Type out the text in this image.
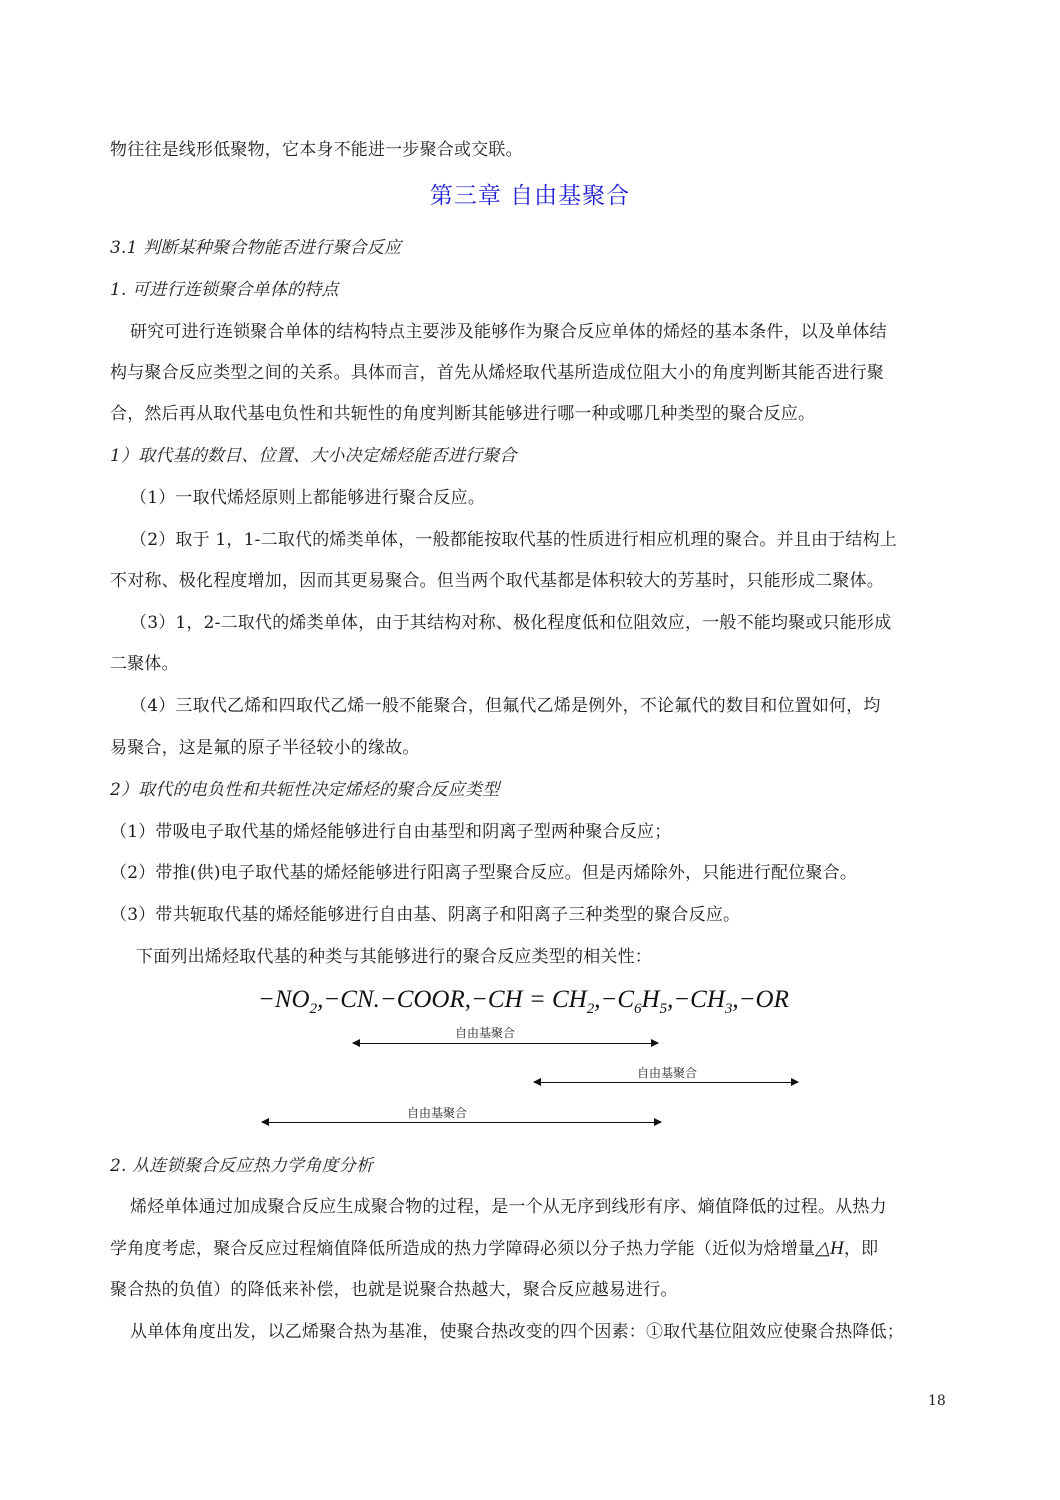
物往往是线形低聚物，它本身不能进一步聚合或交联。
第三章 自由基聚合
3.1 判断某种聚合物能否进行聚合反应
1. 可进行连锁聚合单体的特点
研究可进行连锁聚合单体的结构特点主要涉及能够作为聚合反应单体的烯烃的基本条件，以及单体结
构与聚合反应类型之间的关系。具体而言，首先从烯烃取代基所造成位阻大小的角度判断其能否进行聚
合，然后再从取代基电负性和共轭性的角度判断其能够进行哪一种或哪几种类型的聚合反应。
1）取代基的数目、位置、大小决定烯烃能否进行聚合
（1）一取代烯烃原则上都能够进行聚合反应。
（2）取于 1，1-二取代的烯类单体，一般都能按取代基的性质进行相应机理的聚合。并且由于结构上
不对称、极化程度增加，因而其更易聚合。但当两个取代基都是体积较大的芳基时，只能形成二聚体。
（3）1，2-二取代的烯类单体，由于其结构对称、极化程度低和位阻效应，一般不能均聚或只能形成
二聚体。
（4）三取代乙烯和四取代乙烯一般不能聚合，但氟代乙烯是例外，不论氟代的数目和位置如何，均
易聚合，这是氟的原子半径较小的缘故。
2）取代的电负性和共轭性决定烯烃的聚合反应类型
（1）带吸电子取代基的烯烃能够进行自由基型和阴离子型两种聚合反应；
（2）带推(供)电子取代基的烯烃能够进行阳离子型聚合反应。但是丙烯除外，只能进行配位聚合。
（3）带共轭取代基的烯烃能够进行自由基、阴离子和阳离子三种类型的聚合反应。
下面列出烯烃取代基的种类与其能够进行的聚合反应类型的相关性：
$-NO_2,-CN.-COOR,-CH = CH_2,-C_6H_5,-CH_3,-OR$
自由基聚合
自由基聚合
自由基聚合
2. 从连锁聚合反应热力学角度分析
烯烃单体通过加成聚合反应生成聚合物的过程，是一个从无序到线形有序、熵值降低的过程。从热力
学角度考虑，聚合反应过程熵值降低所造成的热力学障碍必须以分子热力学能（近似为焓增量△H，即
聚合热的负值）的降低来补偿，也就是说聚合热越大，聚合反应越易进行。
从单体角度出发，以乙烯聚合热为基准，使聚合热改变的四个因素：①取代基位阻效应使聚合热降低；
18
